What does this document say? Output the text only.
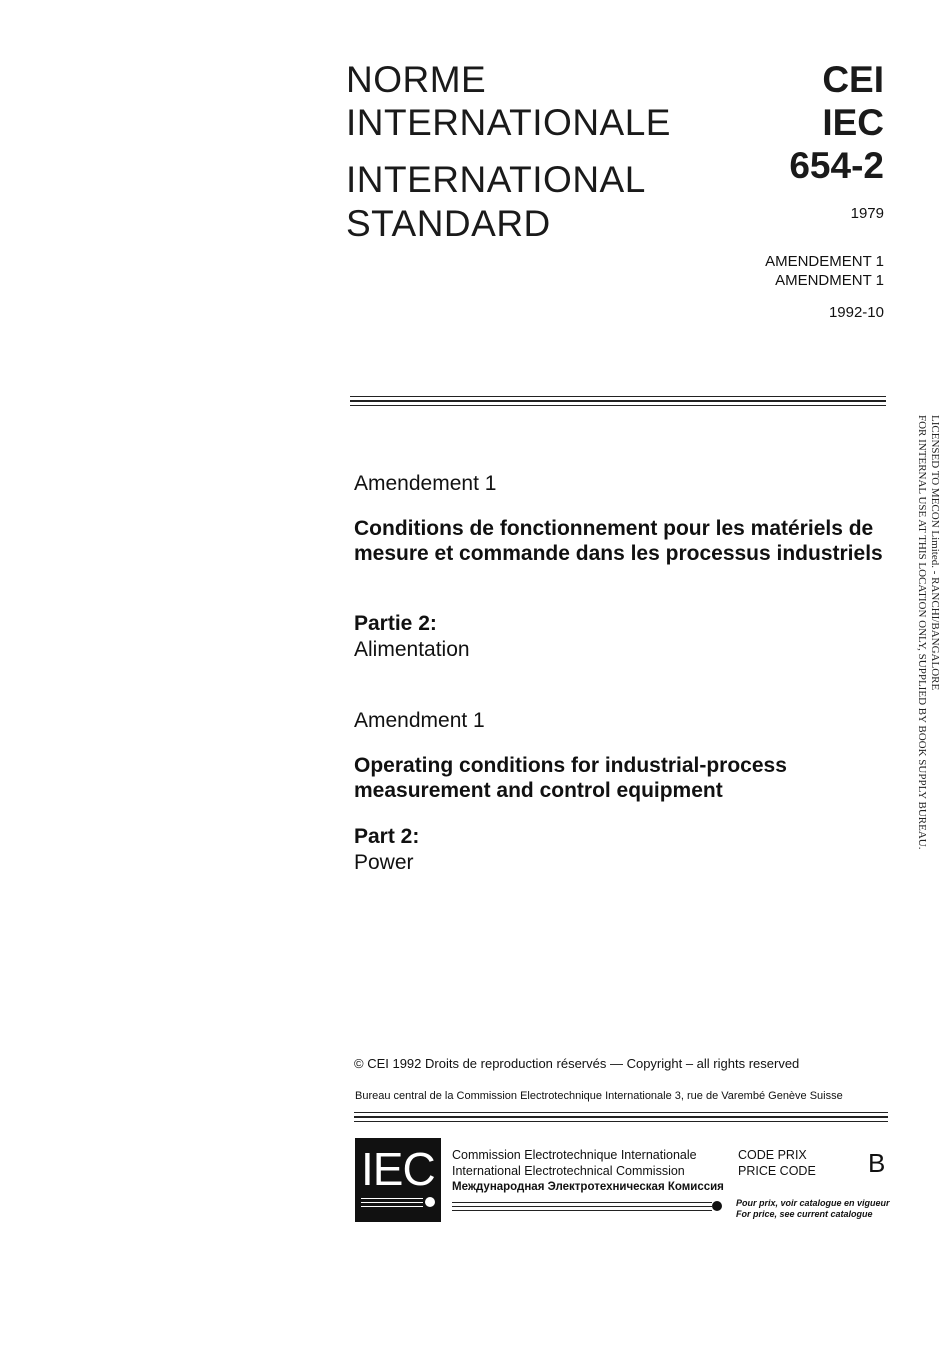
NORME
INTERNATIONALE
INTERNATIONAL
STANDARD
CEI
IEC
654-2
1979
AMENDEMENT 1
AMENDMENT 1
1992-10
Amendement 1
Conditions de fonctionnement pour les matériels de mesure et commande dans les processus industriels
Partie 2:
Alimentation
Amendment 1
Operating conditions for industrial-process measurement and control equipment
Part 2:
Power
LICENSED TO MECON Limited. - RANCHI/BANGALORE
FOR INTERNAL USE AT THIS LOCATION ONLY, SUPPLIED BY BOOK SUPPLY BUREAU.
© CEI 1992 Droits de reproduction réservés — Copyright – all rights reserved
Bureau central de la Commission Electrotechnique Internationale 3, rue de Varembé Genève Suisse
IEC Commission Electrotechnique Internationale
International Electrotechnical Commission
Международная Электротехническая Комиссия
CODE PRIX
PRICE CODE B
Pour prix, voir catalogue en vigueur
For price, see current catalogue
